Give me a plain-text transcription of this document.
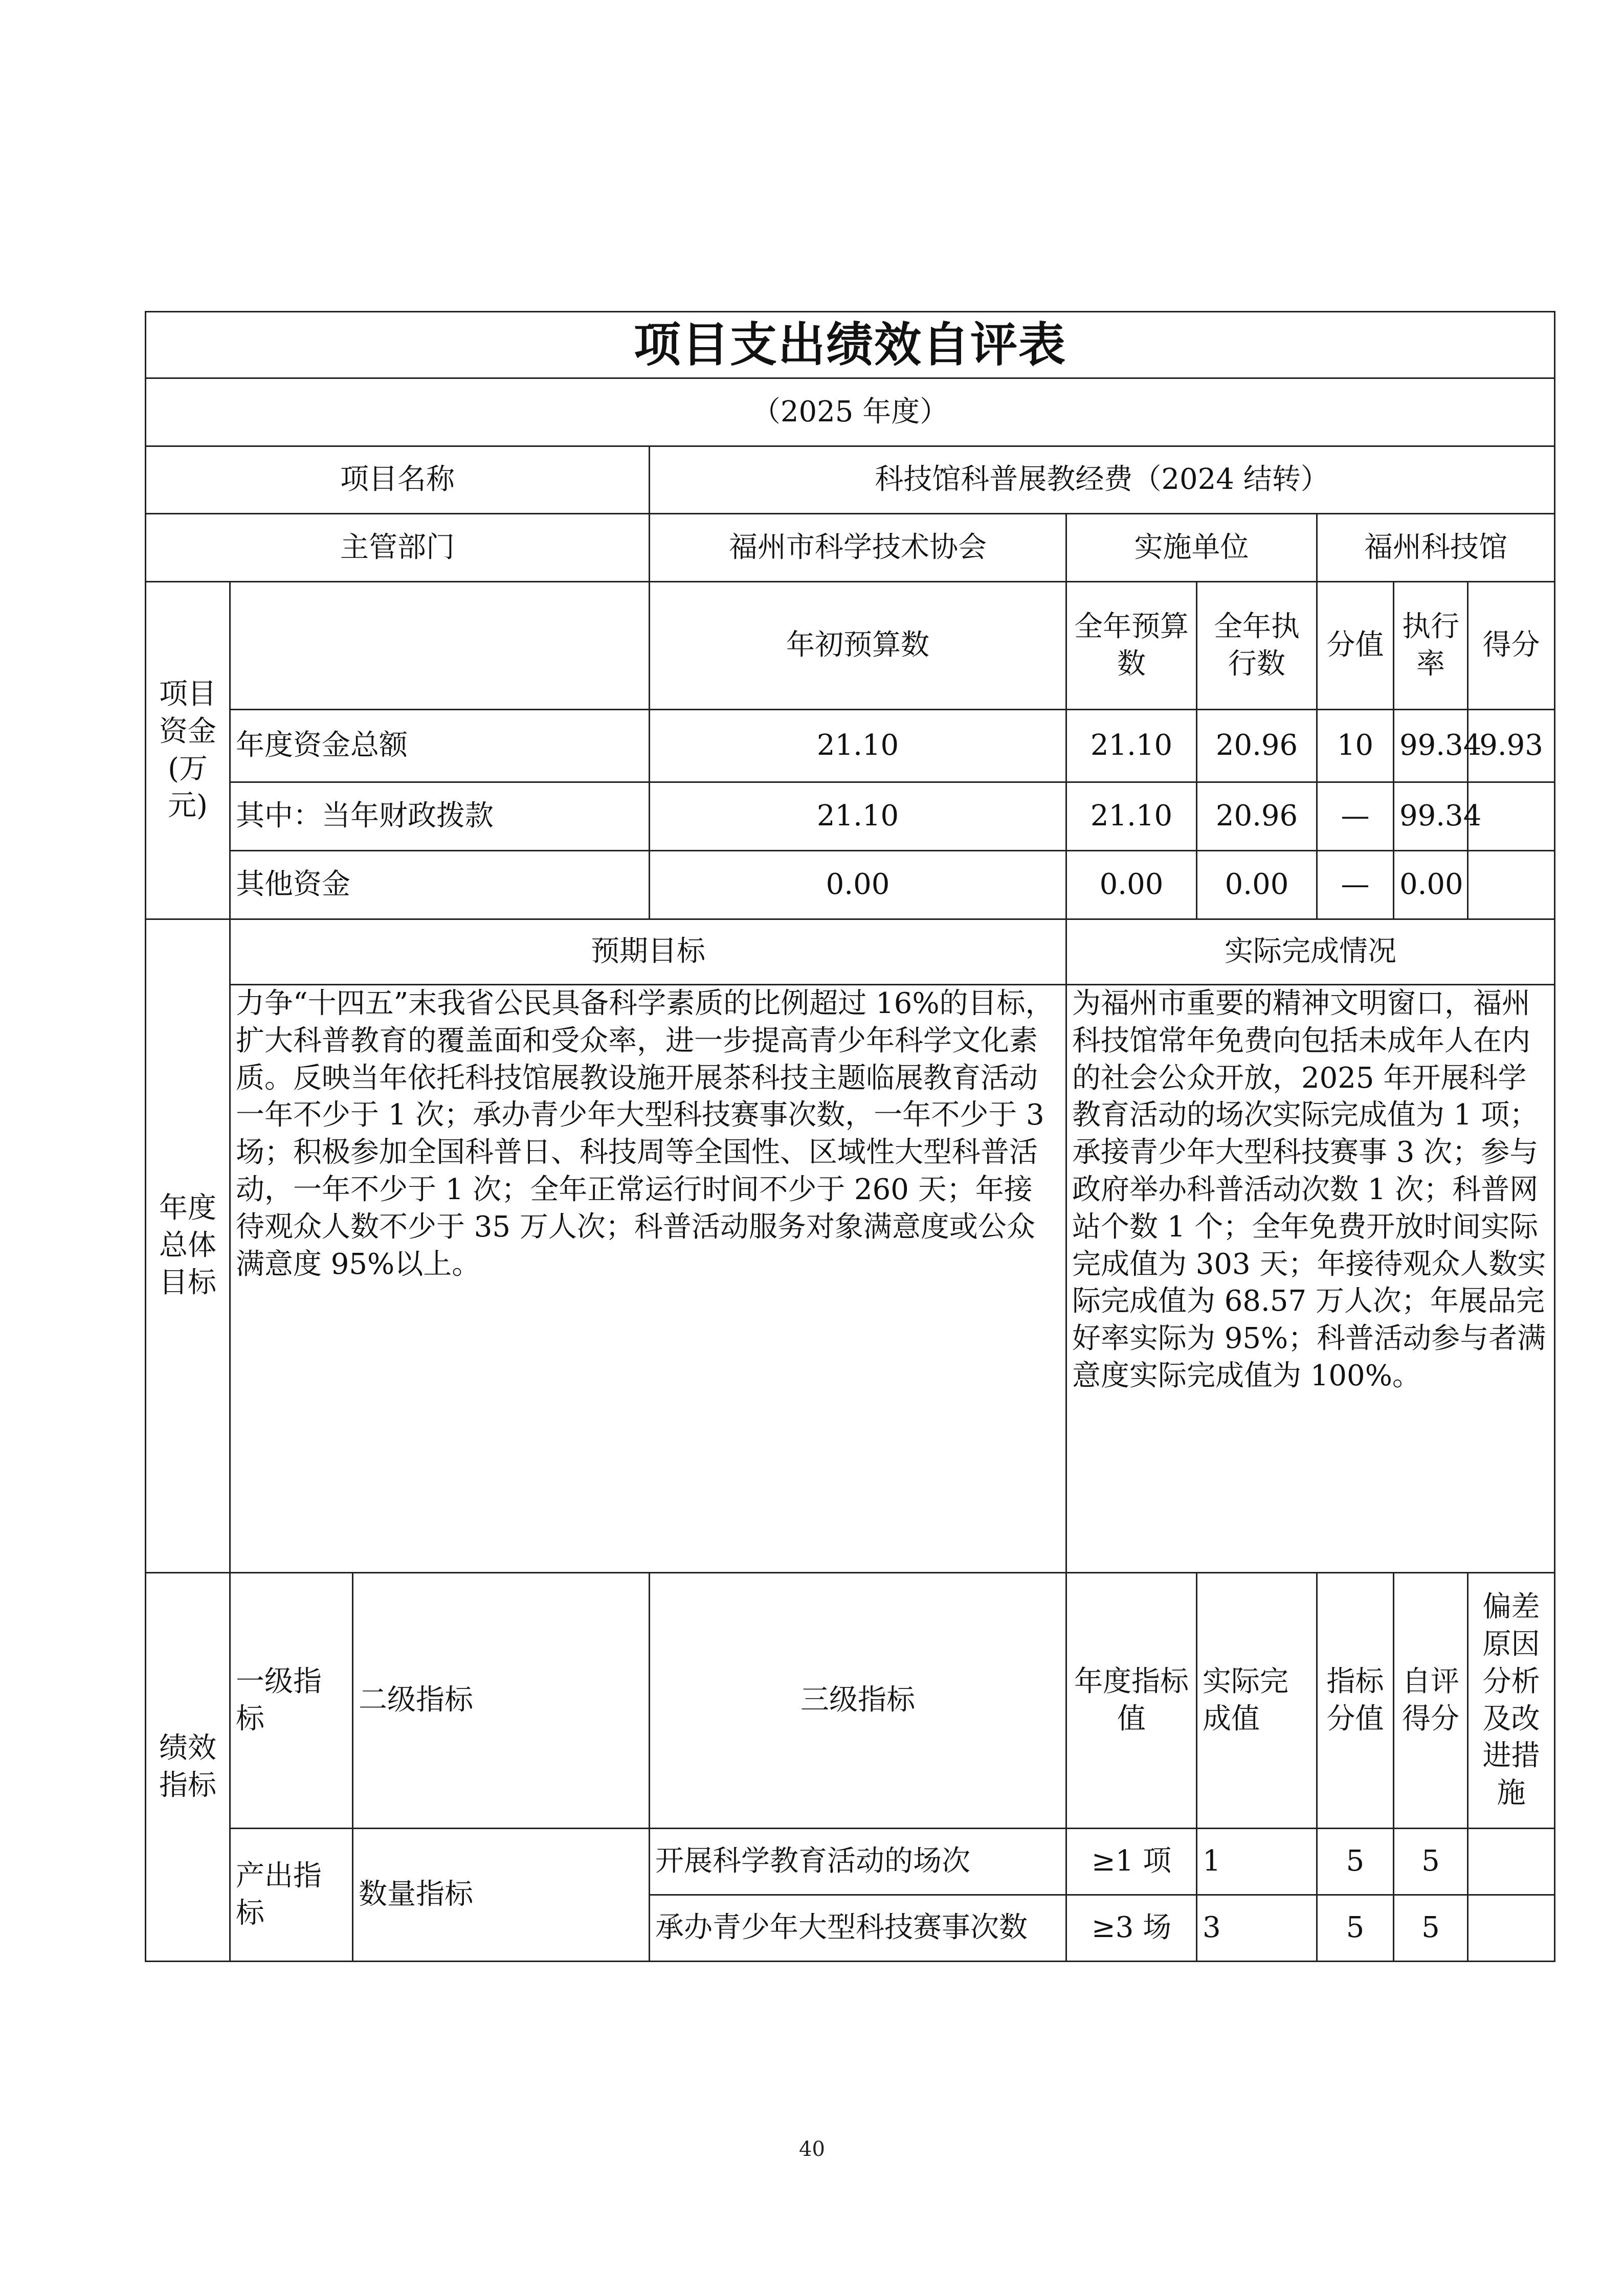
项目支出绩效自评表								
（2025 年度）								
项目名称			科技馆科普展教经费（2024 结转）					
主管部门			福州市科学技术协会	实施单位		福州科技馆		
项目资金(万元)			年初预算数	全年预算数	全年执行数	分值	执行率	得分
	年度资金总额		21.10	21.10	20.96	10	99.34	9.93
	其中：当年财政拨款		21.10	21.10	20.96	—	99.34	
	其他资金		0.00	0.00	0.00	—	0.00	
年度总体目标	预期目标			实际完成情况				
	力争“十四五”末我省公民具备科学素质的比例超过 16%的目标，扩大科普教育的覆盖面和受众率，进一步提高青少年科学文化素质。反映当年依托科技馆展教设施开展茶科技主题临展教育活动一年不少于 1 次；承办青少年大型科技赛事次数，一年不少于 3 场；积极参加全国科普日、科技周等全国性、区域性大型科普活动，一年不少于 1 次；全年正常运行时间不少于 260 天；年接待观众人数不少于 35 万人次；科普活动服务对象满意度或公众满意度 95%以上。			为福州市重要的精神文明窗口，福州科技馆常年免费向包括未成年人在内的社会公众开放，2025 年开展科学教育活动的场次实际完成值为 1 项；承接青少年大型科技赛事 3 次；参与政府举办科普活动次数 1 次；科普网站个数 1 个；全年免费开放时间实际完成值为 303 天；年接待观众人数实际完成值为 68.57 万人次；年展品完好率实际为 95%；科普活动参与者满意度实际完成值为 100%。				
绩效指标	一级指标	二级指标	三级指标	年度指标值	实际完成值	指标分值	自评得分	偏差原因分析及改进措施
	产出指标	数量指标	开展科学教育活动的场次	≥1 项	1	5	5	
			承办青少年大型科技赛事次数	≥3 场	3	5	5	
40
